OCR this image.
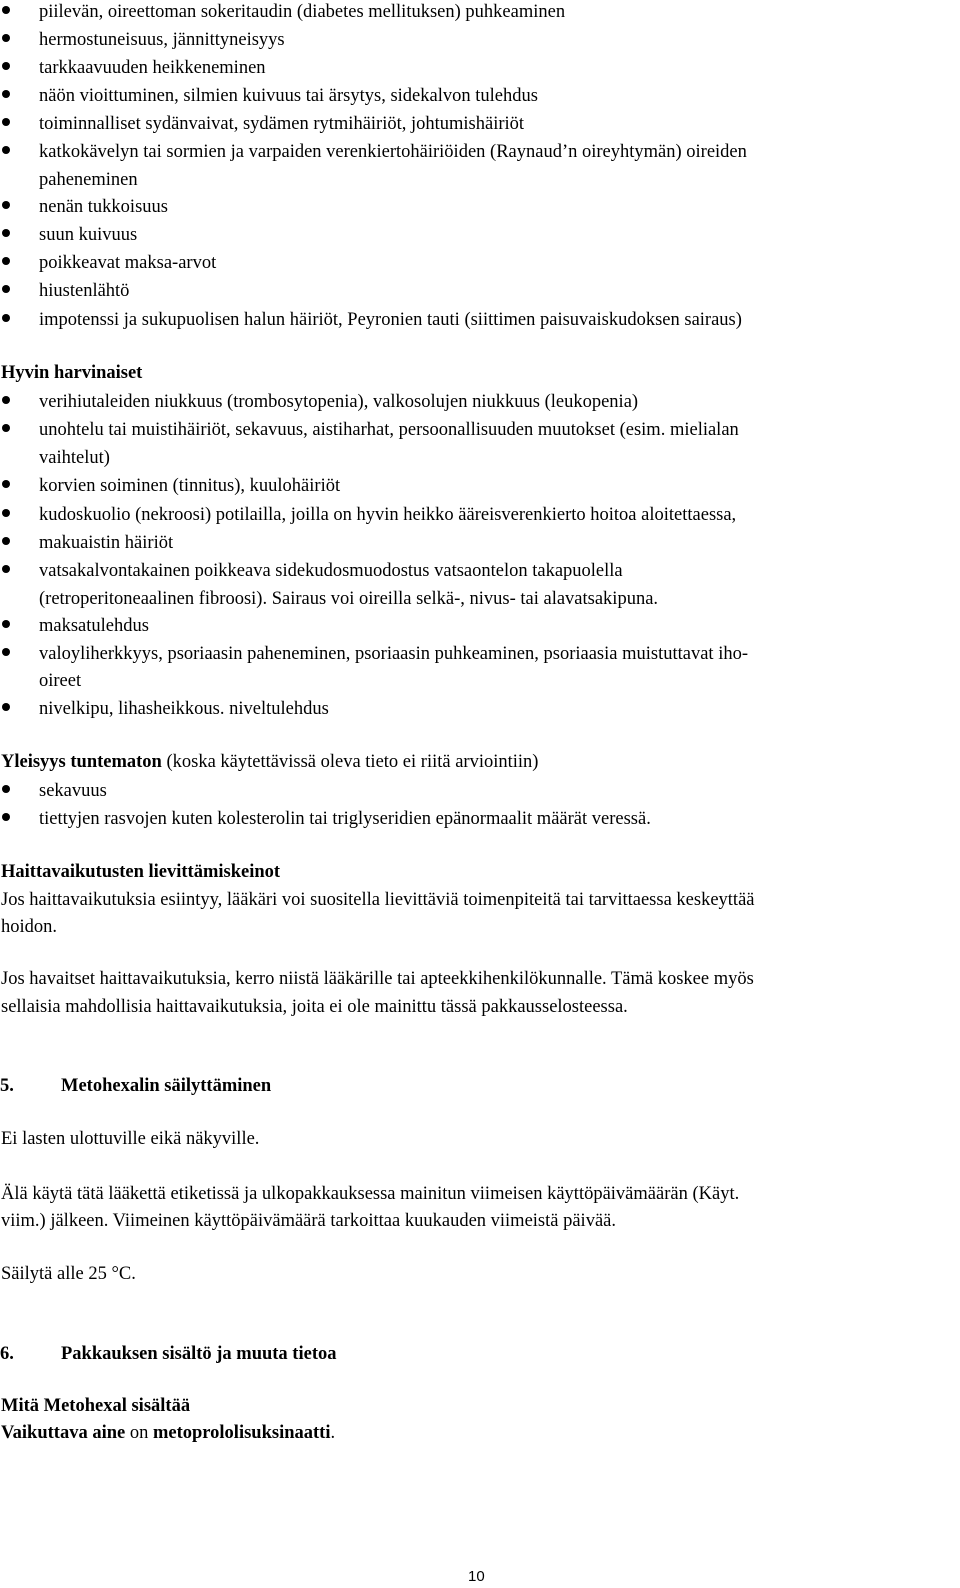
piilevän, oireettoman sokeritaudin (diabetes mellituksen) puhkeaminen
hermostuneisuus, jännittyneisyys
tarkkaavuuden heikkeneminen
näön vioittuminen, silmien kuivuus tai ärsytys, sidekalvon tulehdus
toiminnalliset sydänvaivat, sydämen rytmihäiriöt, johtumishäiriöt
katkokävelyn tai sormien ja varpaiden verenkiertohäiriöiden (Raynaud’n oireyhtymän) oireiden
paheneminen
nenän tukkoisuus
suun kuivuus
poikkeavat maksa-arvot
hiustenlähtö
impotenssi ja sukupuolisen halun häiriöt, Peyronien tauti (siittimen paisuvaiskudoksen sairaus)
Hyvin harvinaiset
verihiutaleiden niukkuus (trombosytopenia), valkosolujen niukkuus (leukopenia)
unohtelu tai muistihäiriöt, sekavuus, aistiharhat, persoonallisuuden muutokset (esim. mielialan
vaihtelut)
korvien soiminen (tinnitus), kuulohäiriöt
kudoskuolio (nekroosi) potilailla, joilla on hyvin heikko ääreisverenkierto hoitoa aloitettaessa,
makuaistin häiriöt
vatsakalvontakainen poikkeava sidekudosmuodostus vatsaontelon takapuolella
(retroperitoneaalinen fibroosi). Sairaus voi oireilla selkä-, nivus- tai alavatsakipuna.
maksatulehdus
valoyliherkkyys, psoriaasin paheneminen, psoriaasin puhkeaminen, psoriaasia muistuttavat iho-
oireet
nivelkipu, lihasheikkous. niveltulehdus
Yleisyys tuntematon (koska käytettävissä oleva tieto ei riitä arviointiin)
sekavuus
tiettyjen rasvojen kuten kolesterolin tai triglyseridien epänormaalit määrät veressä.
Haittavaikutusten lievittämiskeinot
Jos haittavaikutuksia esiintyy, lääkäri voi suositella lievittäviä toimenpiteitä tai tarvittaessa keskeyttää
hoidon.
Jos havaitset haittavaikutuksia, kerro niistä lääkärille tai apteekkihenkilökunnalle. Tämä koskee myös
sellaisia mahdollisia haittavaikutuksia, joita ei ole mainittu tässä pakkausselosteessa.
5.	Metohexalin säilyttäminen
Ei lasten ulottuville eikä näkyville.
Älä käytä tätä lääkettä etiketissä ja ulkopakkauksessa mainitun viimeisen käyttöpäivämäärän (Käyt.
viim.) jälkeen. Viimeinen käyttöpäivämäärä tarkoittaa kuukauden viimeistä päivää.
Säilytä alle 25 °C.
6.	Pakkauksen sisältö ja muuta tietoa
Mitä Metohexal sisältää
Vaikuttava aine on metoprololisuksinaatti.
10
